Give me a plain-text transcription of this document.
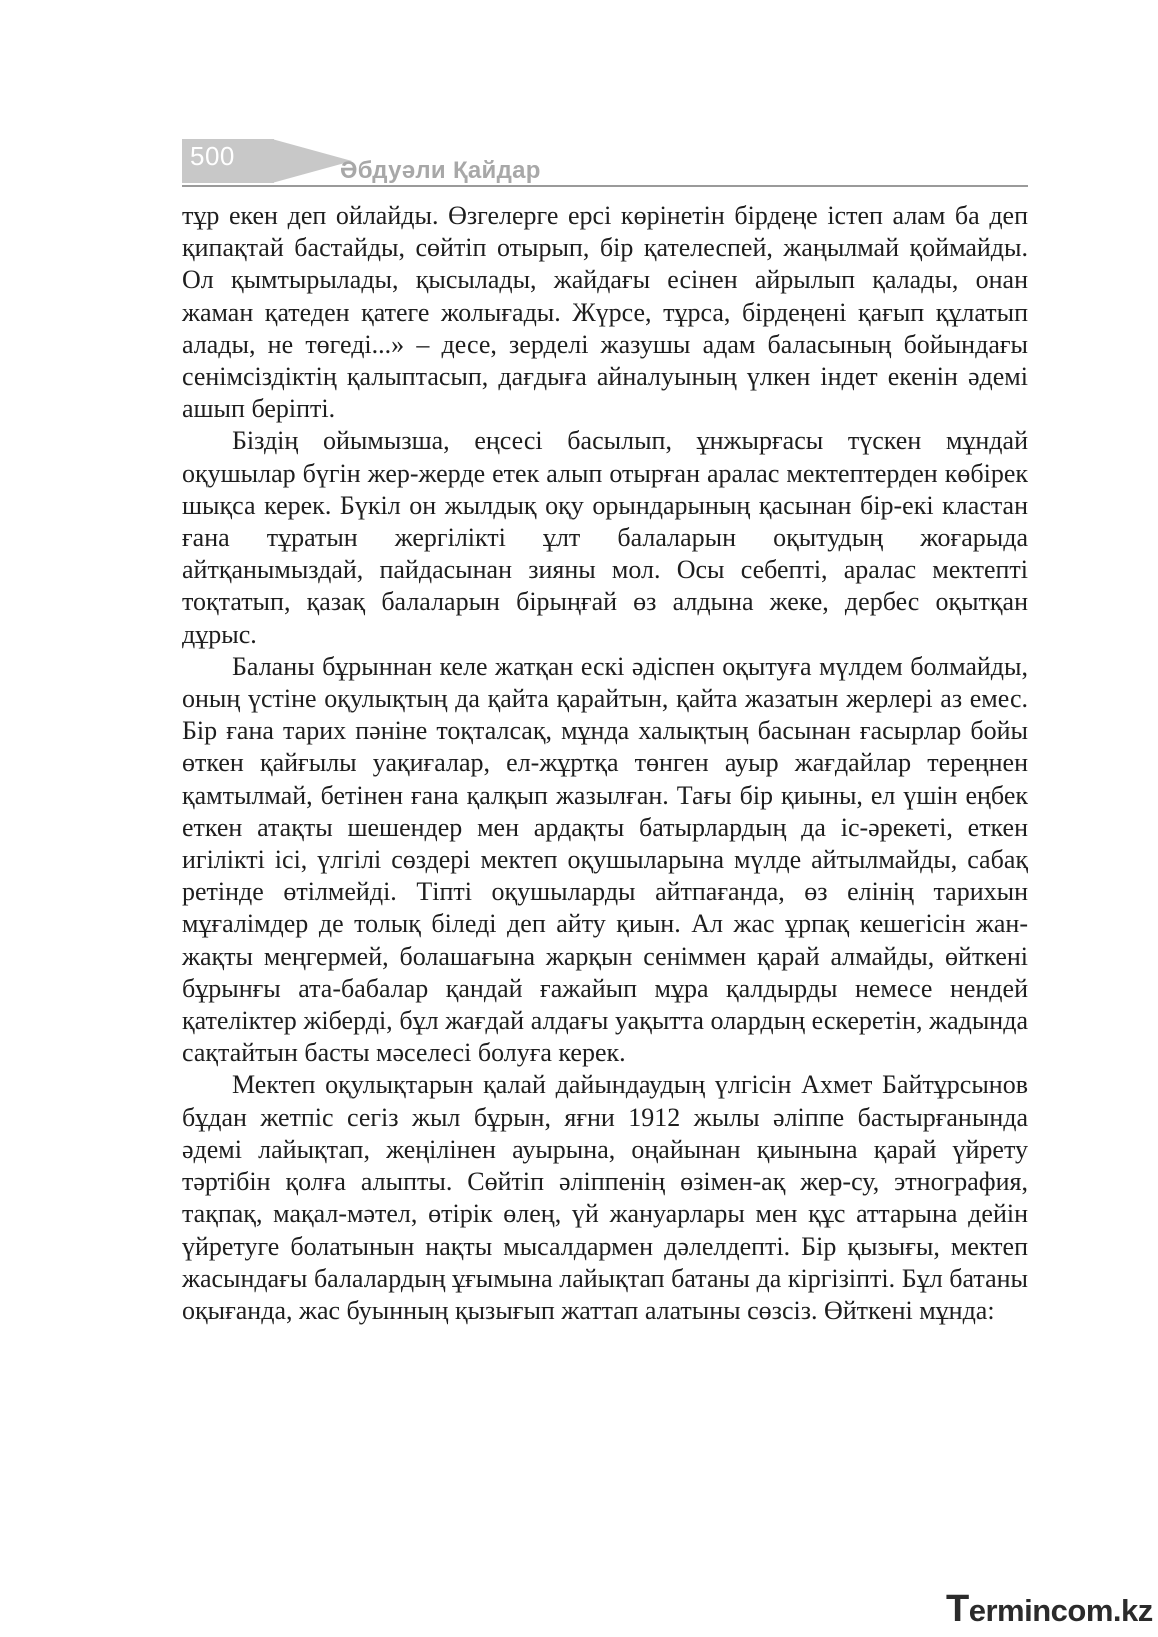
500	Әбдуәли Қайдар

тұр екен деп ойлайды. Өзгелерге ерсі көрінетін бірдеңе істеп алам ба деп қипақтай бастайды, сөйтіп отырып, бір қателеспей, жаңылмай қоймайды. Ол қымтырылады, қысылады, жайдағы есінен айрылып қалады, онан жаман қатеден қатеге жолығады. Жүрсе, тұрса, бірдеңені қағып құлатып алады, не төгеді...» – десе, зерделі жазушы адам баласының бойындағы сенімсіздіктің қалыптасып, дағдыға айналуының үлкен індет екенін әдемі ашып беріпті.

Біздің ойымызша, еңсесі басылып, ұнжырғасы түскен мұндай оқушылар бүгін жер-жерде етек алып отырған аралас мектептерден көбірек шықса керек. Бүкіл он жылдық оқу орындарының қасынан бір-екі кластан ғана тұратын жергілікті ұлт балаларын оқытудың жоғарыда айтқанымыздай, пайдасынан зияны мол. Осы себепті, аралас мектепті тоқтатып, қазақ балаларын бірыңғай өз алдына жеке, дербес оқытқан дұрыс.

Баланы бұрыннан келе жатқан ескі әдіспен оқытуға мүлдем болмайды, оның үстіне оқулықтың да қайта қарайтын, қайта жазатын жерлері аз емес. Бір ғана тарих пәніне тоқталсақ, мұнда халықтың басынан ғасырлар бойы өткен қайғылы уақиғалар, ел-жұртқа төнген ауыр жағдайлар тереңнен қамтылмай, бетінен ғана қалқып жазылған. Тағы бір қиыны, ел үшін еңбек еткен атақты шешендер мен ардақты батырлардың да іс-әрекеті, еткен игілікті ісі, үлгілі сөздері мектеп оқушыларына мүлде айтылмайды, сабақ ретінде өтілмейді. Тіпті оқушыларды айтпағанда, өз елінің тарихын мұғалімдер де толық біледі деп айту қиын. Ал жас ұрпақ кешегісін жан-жақты меңгермей, болашағына жарқын сеніммен қарай алмайды, өйткені бұрынғы ата-бабалар қандай ғажайып мұра қалдырды немесе нендей қателіктер жіберді, бұл жағдай алдағы уақытта олардың ескеретін, жадында сақтайтын басты мәселесі болуға керек.

Мектеп оқулықтарын қалай дайындаудың үлгісін Ахмет Байтұрсынов бұдан жетпіс сегіз жыл бұрын, яғни 1912 жылы әліппе бастырғанында әдемі лайықтап, жеңілінен ауырына, оңайынан қиынына қарай үйрету тәртібін қолға алыпты. Сөйтіп әліппенің өзімен-ақ жер-су, этнография, тақпақ, мақал-мәтел, өтірік өлең, үй жануарлары мен құс аттарына дейін үйретуге болатынын нақты мысалдармен дәлелдепті. Бір қызығы, мектеп жасындағы балалардың ұғымына лайықтап батаны да кіргізіпті. Бұл батаны оқығанда, жас буынның қызығып жаттап алатыны сөзсіз. Өйткені мұнда:

Termincom.kz
